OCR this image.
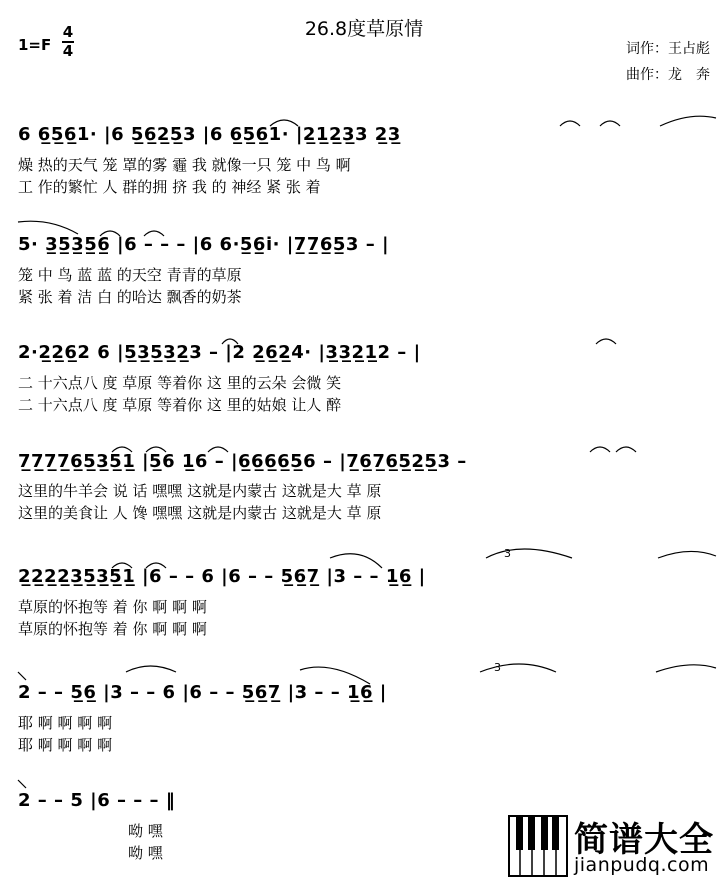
26.8度草原情
1=F
4
4	词作：王占彪
曲作：龙　奔
6 6̲5̲6̲1· |6 5̲6̲2̲5̲3 |6 6̲5̲6̲1· |2̲1̲2̲3̲3 2̲3̲
燥 热的天气 笼 罩的雾 霾 我 就像一只 笼 中 鸟 啊
工 作的繁忙 人 群的拥 挤 我 的 神经 紧 张 着
5· 3̲5̲3̲5̲6̲ |6 – – – |6 6·5̲6̲i· |7̲7̲6̲5̲3 – |
笼 中 鸟 蓝 蓝 的天空 青青的草原
紧 张 着 洁 白 的哈达 飘香的奶茶
2·2̲2̲6̲2 6 |5̲3̲5̲3̲2̲3 – |2 2̲6̲2̲4· |3̲3̲2̲1̲2 – |
二 十六点八 度 草原 等着你 这 里的云朵 会微 笑
二 十六点八 度 草原 等着你 这 里的姑娘 让人 醉
7̲7̲7̲7̲6̲5̲3̲5̲1̲ |5̲6 1̲6 – |6̲6̲6̲6̲5̲6 – |7̲6̲7̲6̲5̲2̲5̲3 –
这里的牛羊会 说 话 嘿嘿 这就是内蒙古 这就是大 草 原
这里的美食让 人 馋 嘿嘿 这就是内蒙古 这就是大 草 原
2̲2̲2̲2̲3̲5̲3̲5̲1̲ |6 – – 6 |6 – – 5̲6̲7̲ |3 – – 1̲6̲ |
草原的怀抱等 着 你 啊 啊 啊
草原的怀抱等 着 你 啊 啊 啊
2 – – 5̲6̲ |3 – – 6 |6 – – 5̲6̲7̲ |3 – – 1̲6̲ |
耶 啊 啊 啊 啊
耶 啊 啊 啊 啊
2 – – 5 |6 – – – ‖
呦 嘿
呦 嘿
3
3
简谱大全
jianpudq.com
